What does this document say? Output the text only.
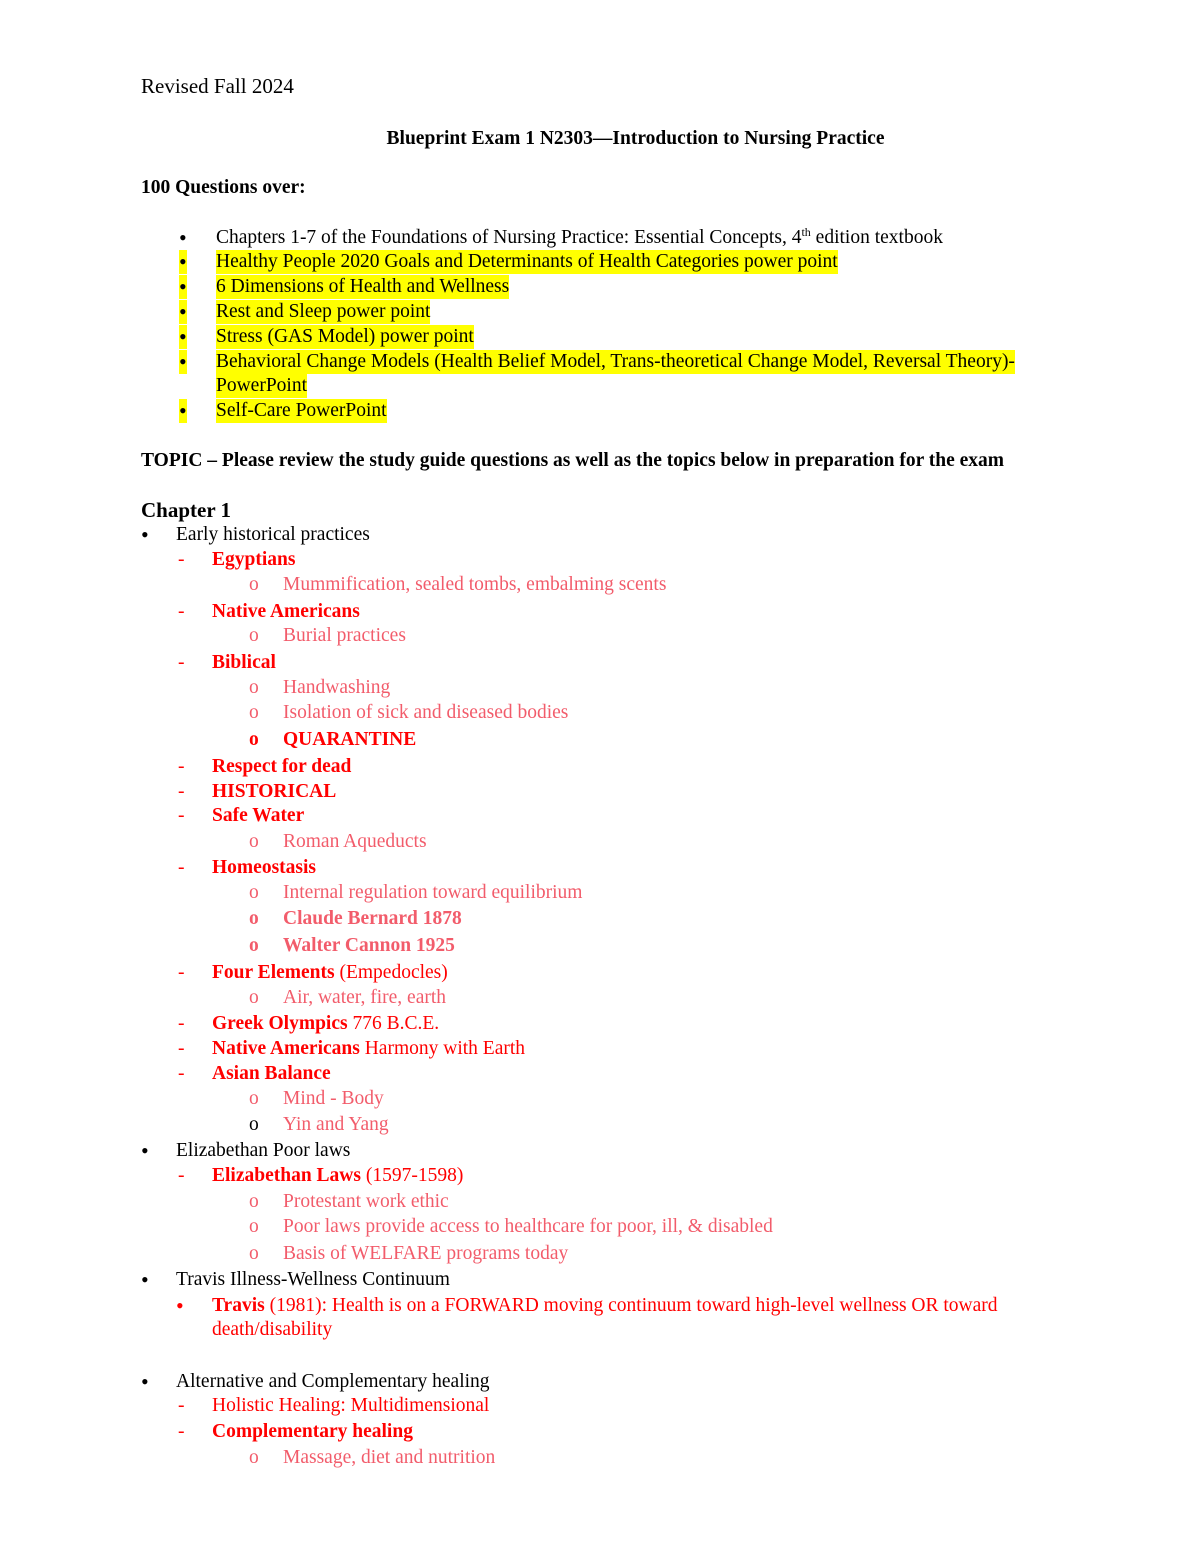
Revised Fall 2024
Blueprint Exam 1 N2303—Introduction to Nursing Practice
100 Questions over:
• Chapters 1-7 of the Foundations of Nursing Practice: Essential Concepts, 4th edition textbook
• Healthy People 2020 Goals and Determinants of Health Categories power point
• 6 Dimensions of Health and Wellness
• Rest and Sleep power point
• Stress (GAS Model) power point
• Behavioral Change Models (Health Belief Model, Trans-theoretical Change Model, Reversal Theory)-
PowerPoint
• Self-Care PowerPoint
TOPIC – Please review the study guide questions as well as the topics below in preparation for the exam
Chapter 1
• Early historical practices
- Egyptians
o Mummification, sealed tombs, embalming scents
- Native Americans
o Burial practices
- Biblical
o Handwashing
o Isolation of sick and diseased bodies
o QUARANTINE
- Respect for dead
- HISTORICAL
- Safe Water
o Roman Aqueducts
- Homeostasis
o Internal regulation toward equilibrium
o Claude Bernard 1878
o Walter Cannon 1925
- Four Elements (Empedocles)
o Air, water, fire, earth
- Greek Olympics 776 B.C.E.
- Native Americans Harmony with Earth
- Asian Balance
o Mind - Body
o Yin and Yang
• Elizabethan Poor laws
- Elizabethan Laws (1597-1598)
o Protestant work ethic
o Poor laws provide access to healthcare for poor, ill, & disabled
o Basis of WELFARE programs today
• Travis Illness-Wellness Continuum
• Travis (1981): Health is on a FORWARD moving continuum toward high-level wellness OR toward
death/disability
• Alternative and Complementary healing
- Holistic Healing: Multidimensional
- Complementary healing
o Massage, diet and nutrition
